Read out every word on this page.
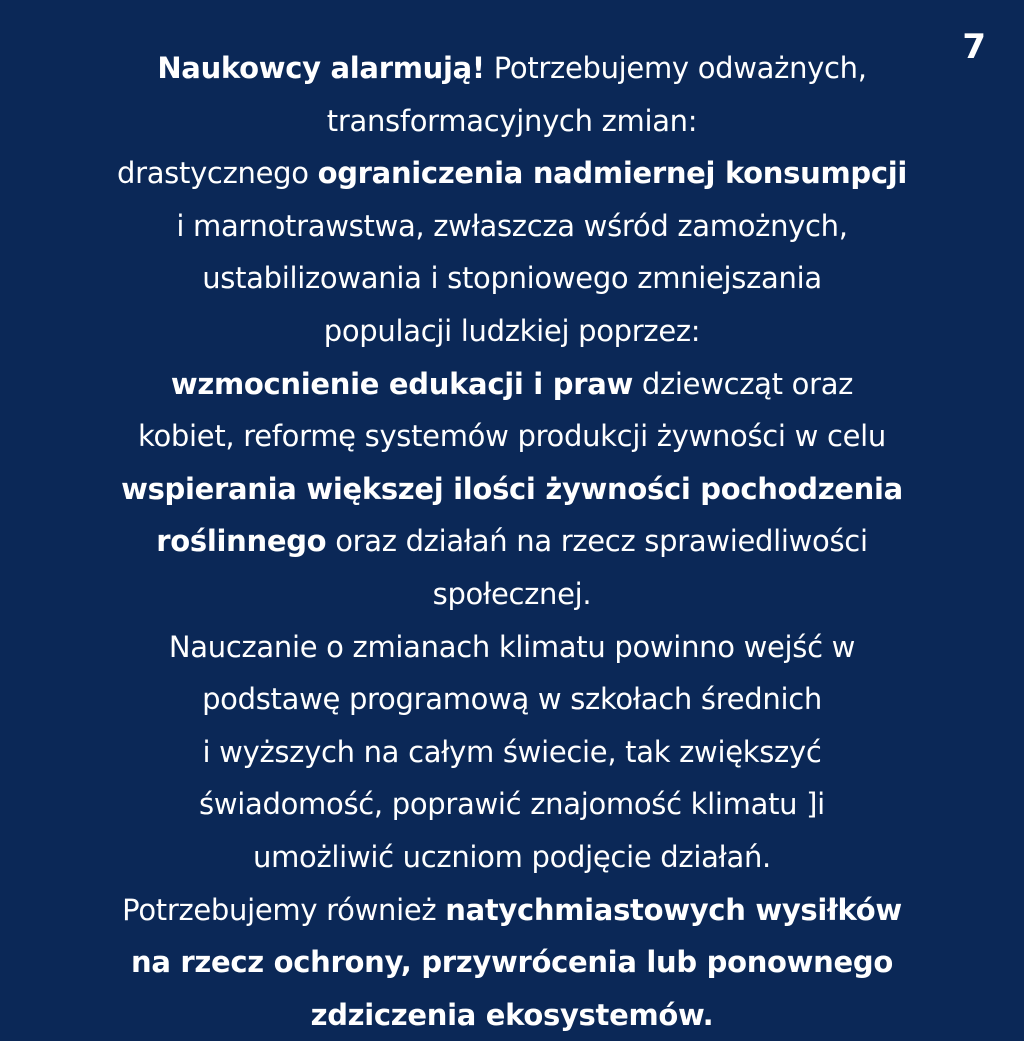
7
Naukowcy alarmują! Potrzebujemy odważnych,
transformacyjnych zmian:
drastycznego ograniczenia nadmiernej konsumpcji
i marnotrawstwa, zwłaszcza wśród zamożnych,
ustabilizowania i stopniowego zmniejszania
populacji ludzkiej poprzez:
wzmocnienie edukacji i praw dziewcząt oraz
kobiet, reformę systemów produkcji żywności w celu
wspierania większej ilości żywności pochodzenia
roślinnego oraz działań na rzecz sprawiedliwości
społecznej.
Nauczanie o zmianach klimatu powinno wejść w
podstawę programową w szkołach średnich
i wyższych na całym świecie, tak zwiększyć
świadomość, poprawić znajomość klimatu ]i
umożliwić uczniom podjęcie działań.
Potrzebujemy również natychmiastowych wysiłków
na rzecz ochrony, przywrócenia lub ponownego
zdziczenia ekosystemów.
